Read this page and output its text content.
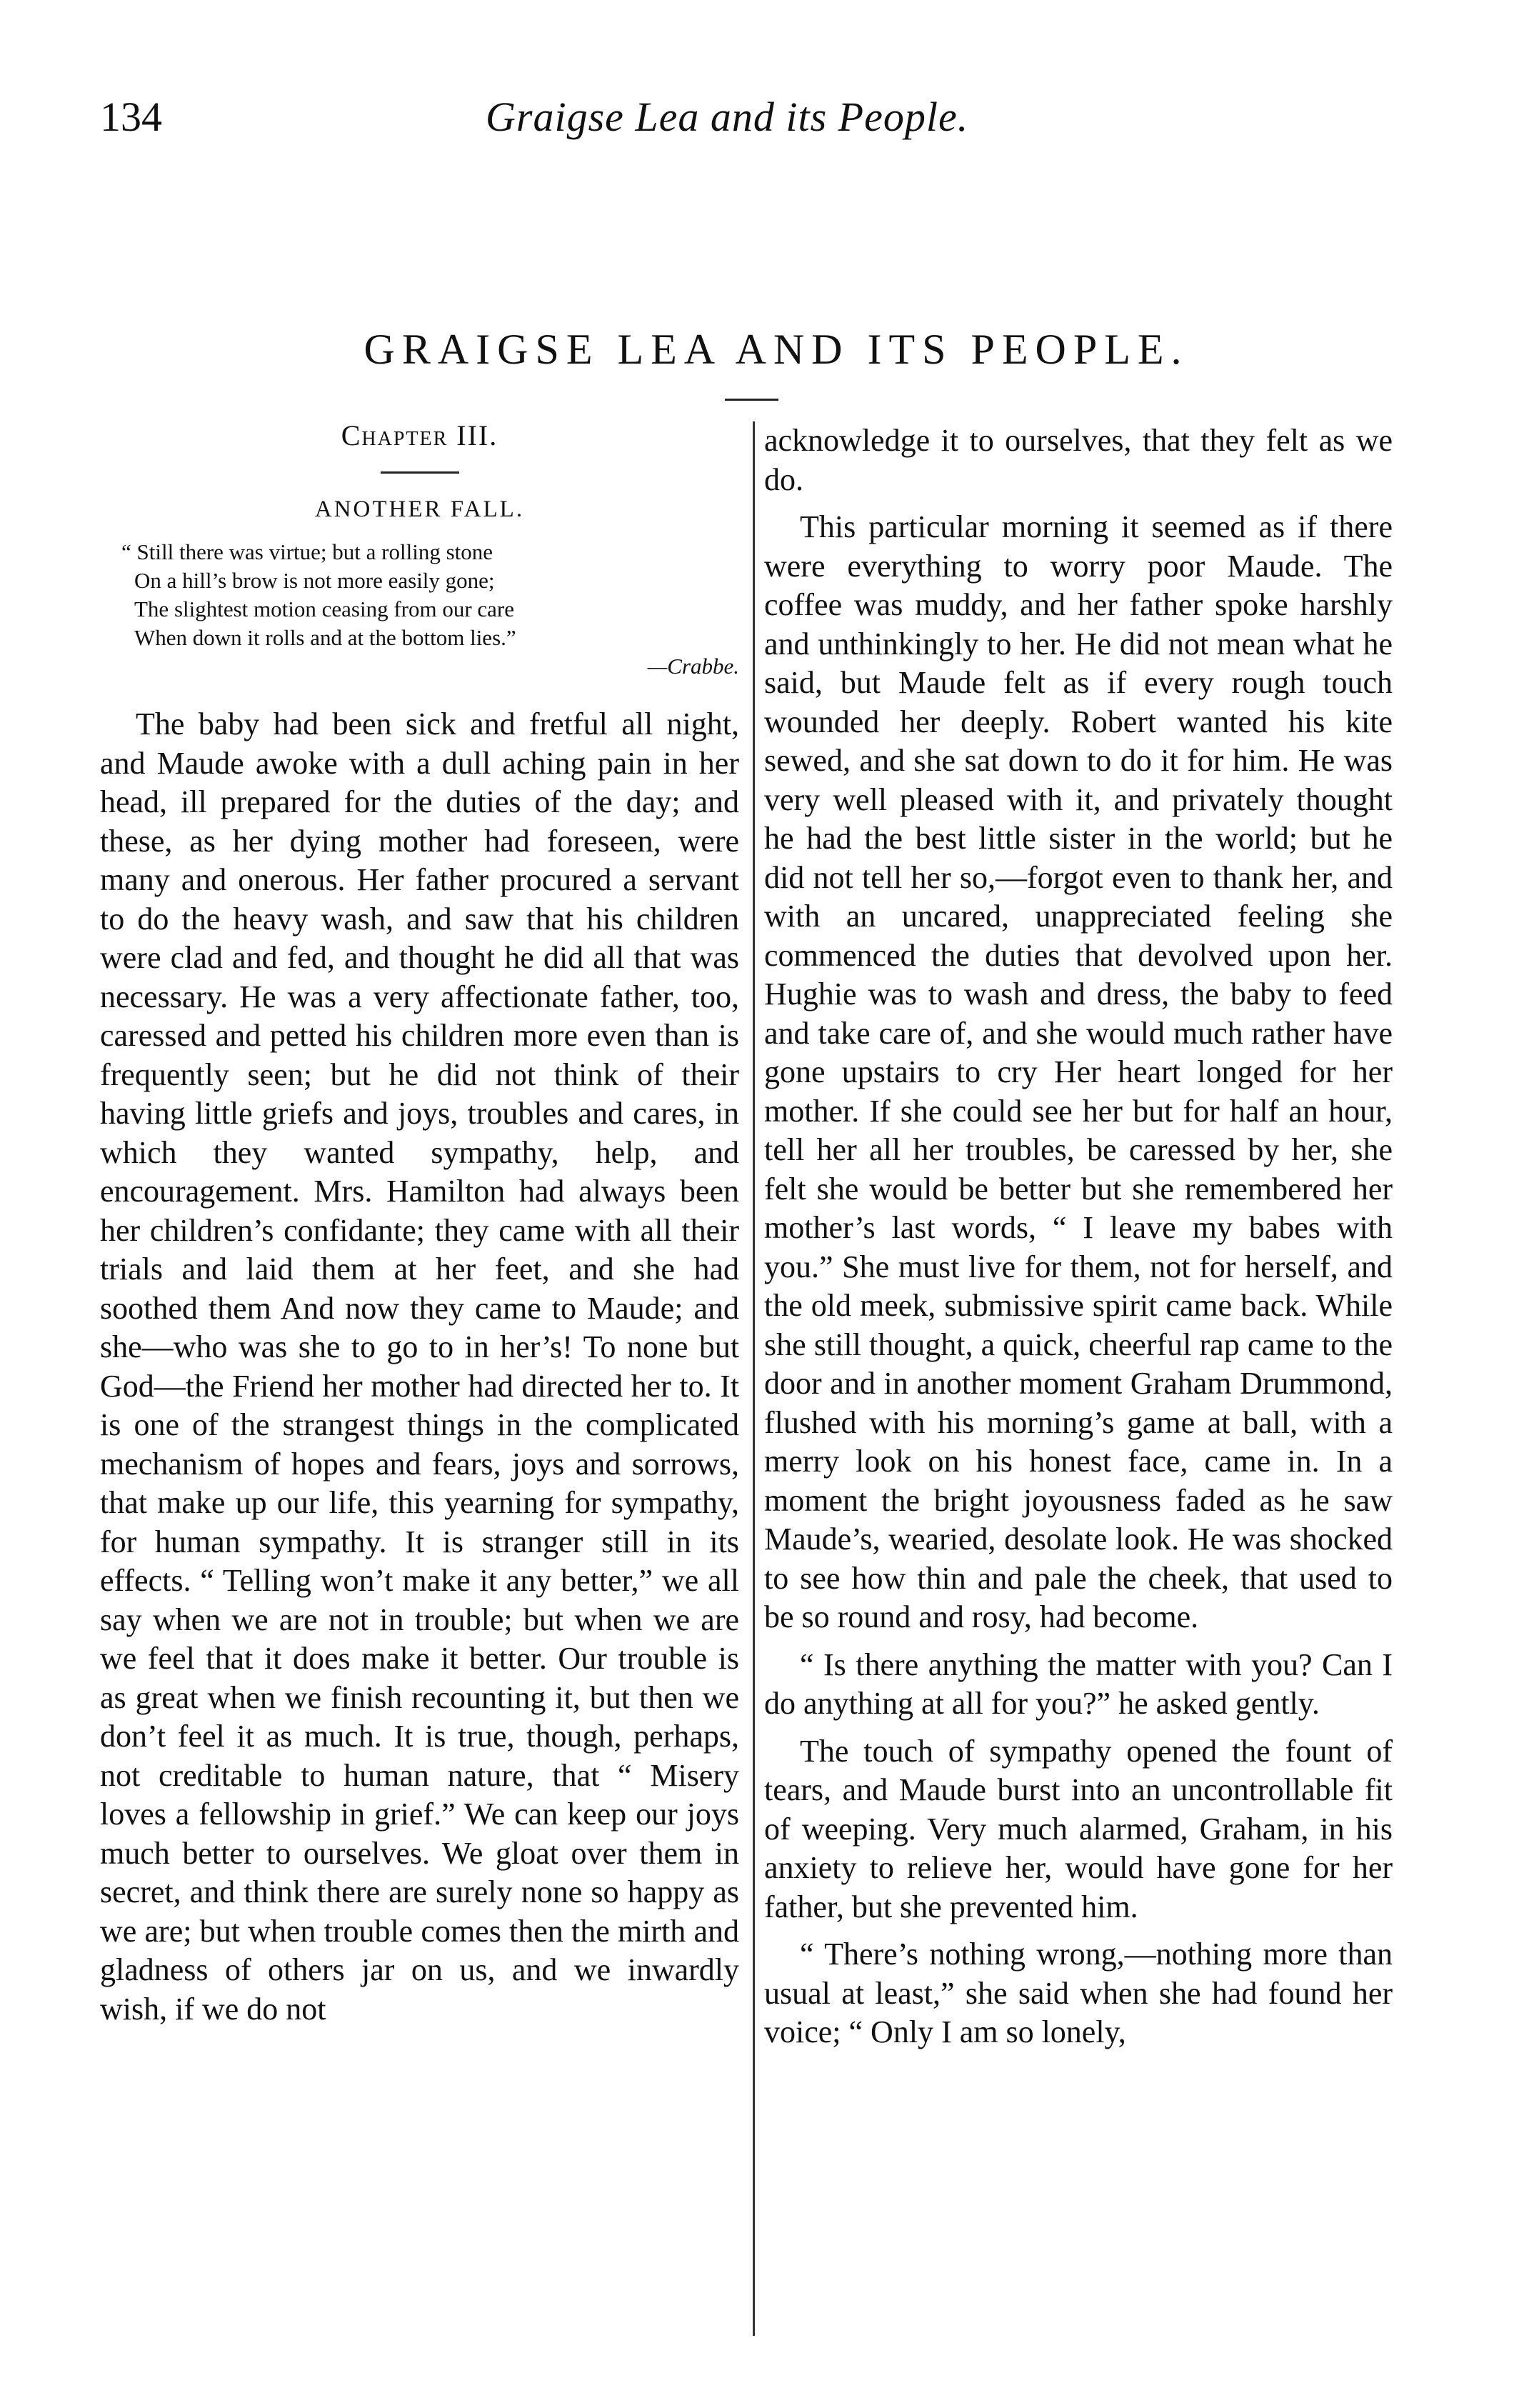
134	Graigse Lea and its People.
GRAIGSE LEA AND ITS PEOPLE.

Chapter III.

ANOTHER FALL.

“ Still there was virtue; but a rolling stone
On a hill’s brow is not more easily gone;
The slightest motion ceasing from our care
When down it rolls and at the bottom lies.”
—Crabbe.

The baby had been sick and fretful all night, and Maude awoke with a dull aching pain in her head, ill prepared for the duties of the day; and these, as her dying mother had foreseen, were many and onerous. Her father procured a servant to do the heavy wash, and saw that his children were clad and fed, and thought he did all that was necessary. He was a very affectionate father, too, caressed and petted his children more even than is frequently seen; but he did not think of their having little griefs and joys, troubles and cares, in which they wanted sympathy, help, and encouragement. Mrs. Hamilton had always been her children’s confidante; they came with all their trials and laid them at her feet, and she had soothed them And now they came to Maude; and she—who was she to go to in her’s! To none but God—the Friend her mother had directed her to. It is one of the strangest things in the complicated mechanism of hopes and fears, joys and sorrows, that make up our life, this yearning for sympathy, for human sympathy. It is stranger still in its effects. “ Telling won’t make it any better,” we all say when we are not in trouble; but when we are we feel that it does make it better. Our trouble is as great when we finish recounting it, but then we don’t feel it as much. It is true, though, perhaps, not creditable to human nature, that “ Misery loves a fellowship in grief.” We can keep our joys much better to ourselves. We gloat over them in secret, and think there are surely none so happy as we are; but when trouble comes then the mirth and gladness of others jar on us, and we inwardly wish, if we do not

acknowledge it to ourselves, that they felt as we do.

This particular morning it seemed as if there were everything to worry poor Maude. The coffee was muddy, and her father spoke harshly and unthinkingly to her. He did not mean what he said, but Maude felt as if every rough touch wounded her deeply. Robert wanted his kite sewed, and she sat down to do it for him. He was very well pleased with it, and privately thought he had the best little sister in the world; but he did not tell her so,—forgot even to thank her, and with an uncared, unappreciated feeling she commenced the duties that devolved upon her. Hughie was to wash and dress, the baby to feed and take care of, and she would much rather have gone upstairs to cry Her heart longed for her mother. If she could see her but for half an hour, tell her all her troubles, be caressed by her, she felt she would be better but she remembered her mother’s last words, “ I leave my babes with you.” She must live for them, not for herself, and the old meek, submissive spirit came back. While she still thought, a quick, cheerful rap came to the door and in another moment Graham Drummond, flushed with his morning’s game at ball, with a merry look on his honest face, came in. In a moment the bright joyousness faded as he saw Maude’s, wearied, desolate look. He was shocked to see how thin and pale the cheek, that used to be so round and rosy, had become.

“ Is there anything the matter with you? Can I do anything at all for you?” he asked gently.

The touch of sympathy opened the fount of tears, and Maude burst into an uncontrollable fit of weeping. Very much alarmed, Graham, in his anxiety to relieve her, would have gone for her father, but she prevented him.

“ There’s nothing wrong,—nothing more than usual at least,” she said when she had found her voice; “ Only I am so lonely,
